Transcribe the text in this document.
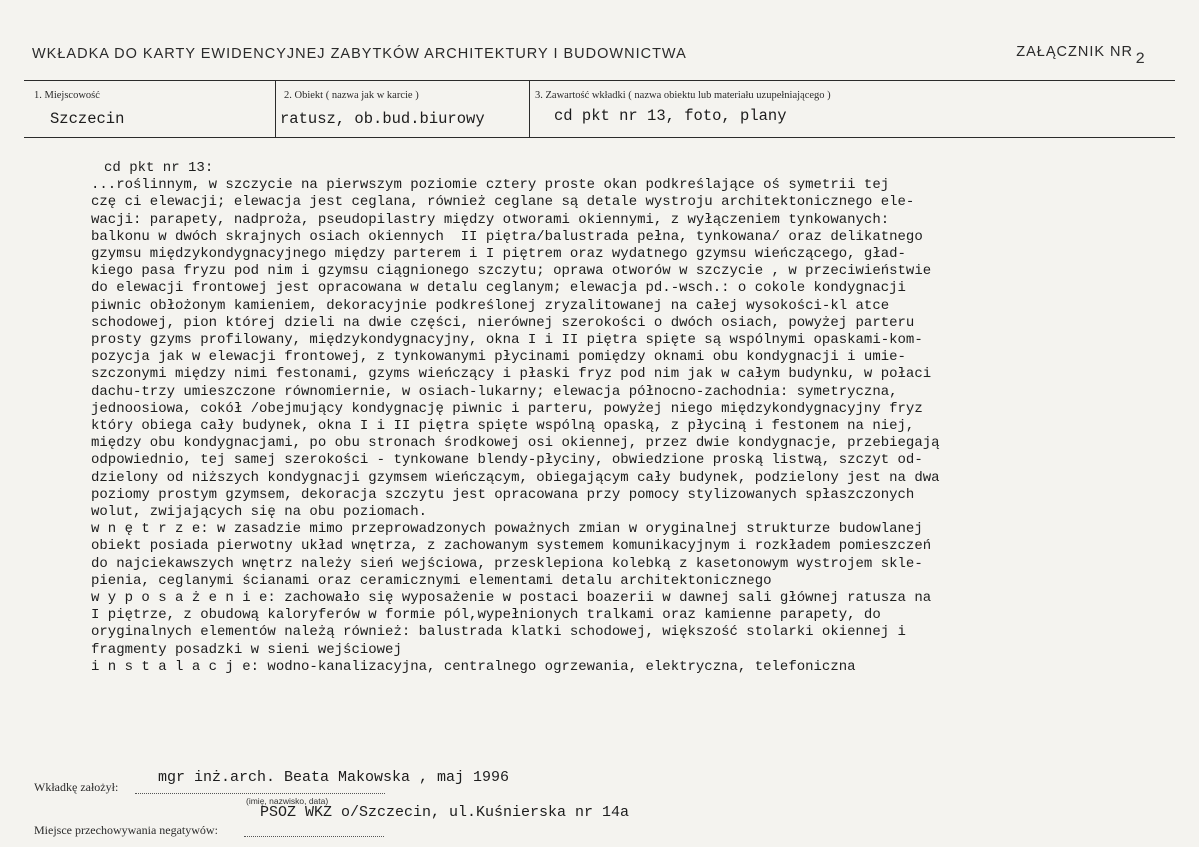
WKŁADKA DO KARTY EWIDENCYJNEJ ZABYTKÓW ARCHITEKTURY I BUDOWNICTWA	ZAŁĄCZNIK NR 2
1. Miejscowość
Szczecin
2. Obiekt ( nazwa jak w karcie )
ratusz, ob.bud.biurowy
3. Zawartość wkładki ( nazwa obiektu lub materiału uzupełniającego )
cd pkt nr 13, foto, plany
cd pkt nr 13:
...roślinnym, w szczycie na pierwszym poziomie cztery proste okan podkreślające oś symetrii tej
czę ci elewacji; elewacja jest ceglana, również ceglane są detale wystroju architektonicznego ele-
wacji: parapety, nadproża, pseudopilastry między otworami okiennymi, z wyłączeniem tynkowanych:
balkonu w dwóch skrajnych osiach okiennych  II piętra/balustrada pełna, tynkowana/ oraz delikatnego
gzymsu międzykondygnacyjnego między parterem i I piętrem oraz wydatnego gzymsu wieńczącego, gład-
kiego pasa fryzu pod nim i gzymsu ciągnionego szczytu; oprawa otworów w szczycie , w przeciwieństwie
do elewacji frontowej jest opracowana w detalu ceglanym; elewacja pd.-wsch.: o cokole kondygnacji
piwnic obłożonym kamieniem, dekoracyjnie podkreślonej zryzalitowanej na całej wysokości-kl atce
schodowej, pion której dzieli na dwie części, nierównej szerokości o dwóch osiach, powyżej parteru
prosty gzyms profilowany, międzykondygnacyjny, okna I i II piętra spięte są wspólnymi opaskami-kom-
pozycja jak w elewacji frontowej, z tynkowanymi płycinami pomiędzy oknami obu kondygnacji i umie-
szczonymi między nimi festonami, gzyms wieńczący i płaski fryz pod nim jak w całym budynku, w połaci
dachu-trzy umieszczone równomiernie, w osiach-lukarny; elewacja północno-zachodnia: symetryczna,
jednoosiowa, cokół /obejmujący kondygnację piwnic i parteru, powyżej niego międzykondygnacyjny fryz
który obiega cały budynek, okna I i II piętra spięte wspólną opaską, z płyciną i festonem na niej,
między obu kondygnacjami, po obu stronach środkowej osi okiennej, przez dwie kondygnacje, przebiegają
odpowiednio, tej samej szerokości - tynkowane blendy-płyciny, obwiedzione proską listwą, szczyt od-
dzielony od niższych kondygnacji gzymsem wieńczącym, obiegającym cały budynek, podzielony jest na dwa
poziomy prostym gzymsem, dekoracja szczytu jest opracowana przy pomocy stylizowanych spłaszczonych
wolut, zwijających się na obu poziomach.
w n ę t r z e: w zasadzie mimo przeprowadzonych poważnych zmian w oryginalnej strukturze budowlanej
obiekt posiada pierwotny układ wnętrza, z zachowanym systemem komunikacyjnym i rozkładem pomieszczeń
do najciekawszych wnętrz należy sień wejściowa, przesklepiona kolebką z kasetonowym wystrojem skle-
pienia, ceglanymi ścianami oraz ceramicznymi elementami detalu architektonicznego
w y p o s a ż e n i e: zachowało się wyposażenie w postaci boazerii w dawnej sali głównej ratusza na
I piętrze, z obudową kaloryferów w formie pól,wypełnionych tralkami oraz kamienne parapety, do
oryginalnych elementów należą również: balustrada klatki schodowej, większość stolarki okiennej i
fragmenty posadzki w sieni wejściowej
i n s t a l a c j e: wodno-kanalizacyjna, centralnego ogrzewania, elektryczna, telefoniczna
Wkładkę założył:
mgr inż.arch. Beata Makowska , maj 1996
(imię, nazwisko, data)
Miejsce przechowywania negatywów:
PSOZ WKZ o/Szczecin, ul.Kuśnierska nr 14a
